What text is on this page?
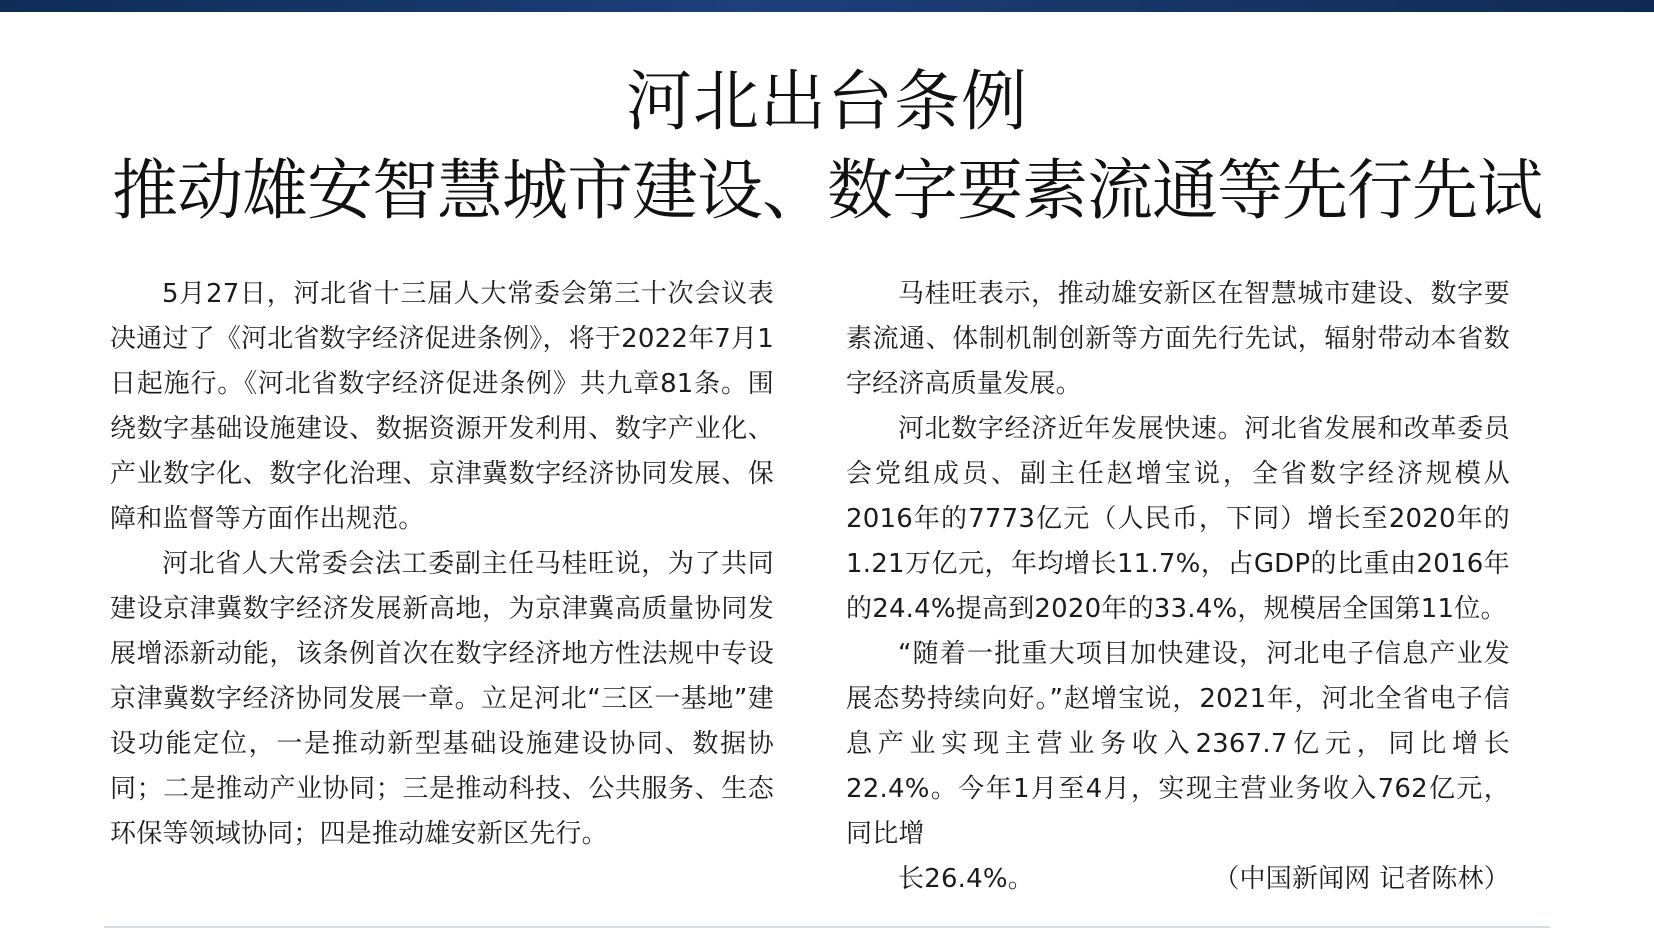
河北出台条例
推动雄安智慧城市建设、数字要素流通等先行先试

5月27日，河北省十三届人大常委会第三十次会议表决通过了《河北省数字经济促进条例》，将于2022年7月1日起施行。《河北省数字经济促进条例》共九章81条。围绕数字基础设施建设、数据资源开发利用、数字产业化、产业数字化、数字化治理、京津冀数字经济协同发展、保障和监督等方面作出规范。

河北省人大常委会法工委副主任马桂旺说，为了共同建设京津冀数字经济发展新高地，为京津冀高质量协同发展增添新动能，该条例首次在数字经济地方性法规中专设京津冀数字经济协同发展一章。立足河北“三区一基地”建设功能定位，一是推动新型基础设施建设协同、数据协同；二是推动产业协同；三是推动科技、公共服务、生态环保等领域协同；四是推动雄安新区先行。

马桂旺表示，推动雄安新区在智慧城市建设、数字要素流通、体制机制创新等方面先行先试，辐射带动本省数字经济高质量发展。

河北数字经济近年发展快速。河北省发展和改革委员会党组成员、副主任赵增宝说，全省数字经济规模从2016年的7773亿元（人民币，下同）增长至2020年的1.21万亿元，年均增长11.7%，占GDP的比重由2016年的24.4%提高到2020年的33.4%，规模居全国第11位。

“随着一批重大项目加快建设，河北电子信息产业发展态势持续向好。”赵增宝说，2021年，河北全省电子信息产业实现主营业务收入2367.7亿元，同比增长22.4%。今年1月至4月，实现主营业务收入762亿元，同比增

长26.4%。	（中国新闻网 记者陈林）
